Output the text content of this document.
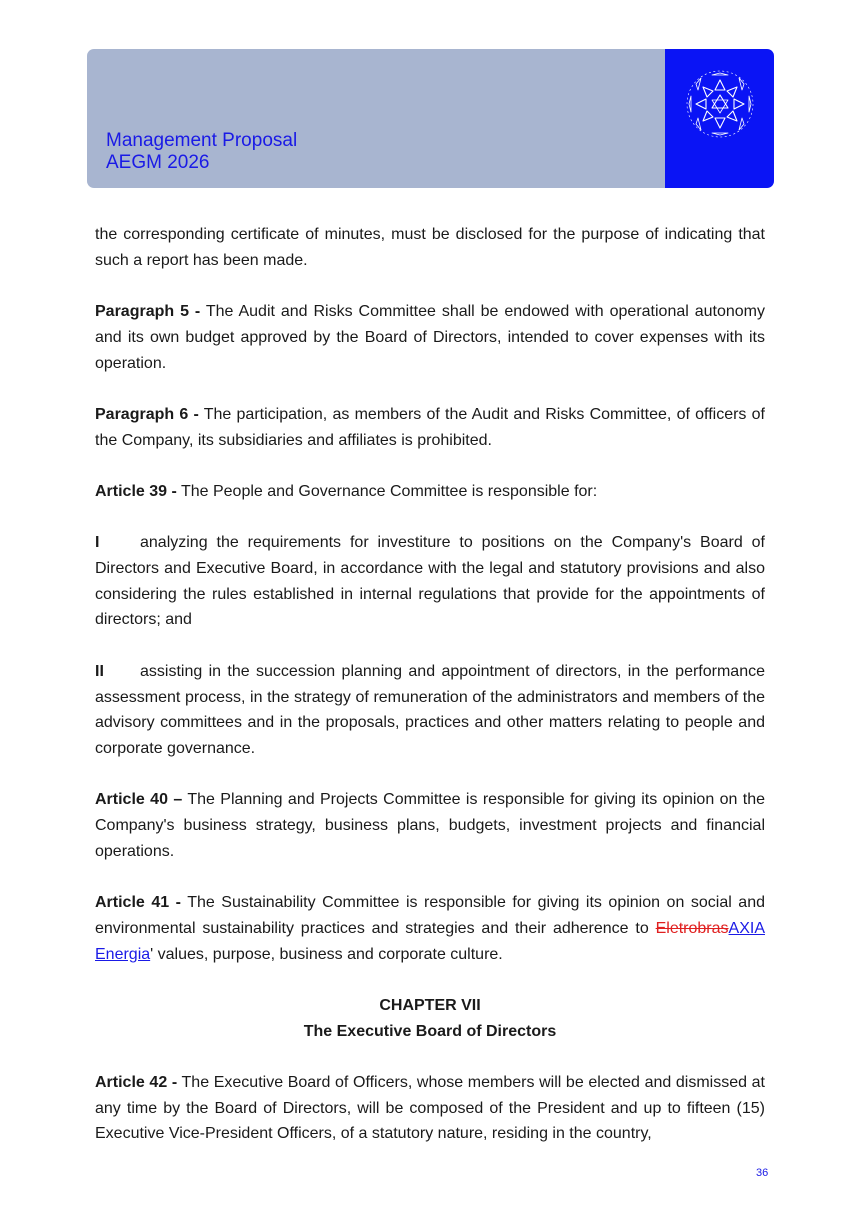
Management Proposal
AEGM 2026
AXIA
ENERGIA

the corresponding certificate of minutes, must be disclosed for the purpose of indicating that such a report has been made.

Paragraph 5 - The Audit and Risks Committee shall be endowed with operational autonomy and its own budget approved by the Board of Directors, intended to cover expenses with its operation.

Paragraph 6 - The participation, as members of the Audit and Risks Committee, of officers of the Company, its subsidiaries and affiliates is prohibited.

Article 39 - The People and Governance Committee is responsible for:

I	analyzing the requirements for investiture to positions on the Company's Board of Directors and Executive Board, in accordance with the legal and statutory provisions and also considering the rules established in internal regulations that provide for the appointments of directors; and

II assisting in the succession planning and appointment of directors, in the performance assessment process, in the strategy of remuneration of the administrators and members of the advisory committees and in the proposals, practices and other matters relating to people and corporate governance.

Article 40 – The Planning and Projects Committee is responsible for giving its opinion on the Company's business strategy, business plans, budgets, investment projects and financial operations.

Article 41 - The Sustainability Committee is responsible for giving its opinion on social and environmental sustainability practices and strategies and their adherence to EletrobrasAXIA Energia' values, purpose, business and corporate culture.

CHAPTER VII
The Executive Board of Directors

Article 42 - The Executive Board of Officers, whose members will be elected and dismissed at any time by the Board of Directors, will be composed of the President and up to fifteen (15) Executive Vice-President Officers, of a statutory nature, residing in the country,

36
